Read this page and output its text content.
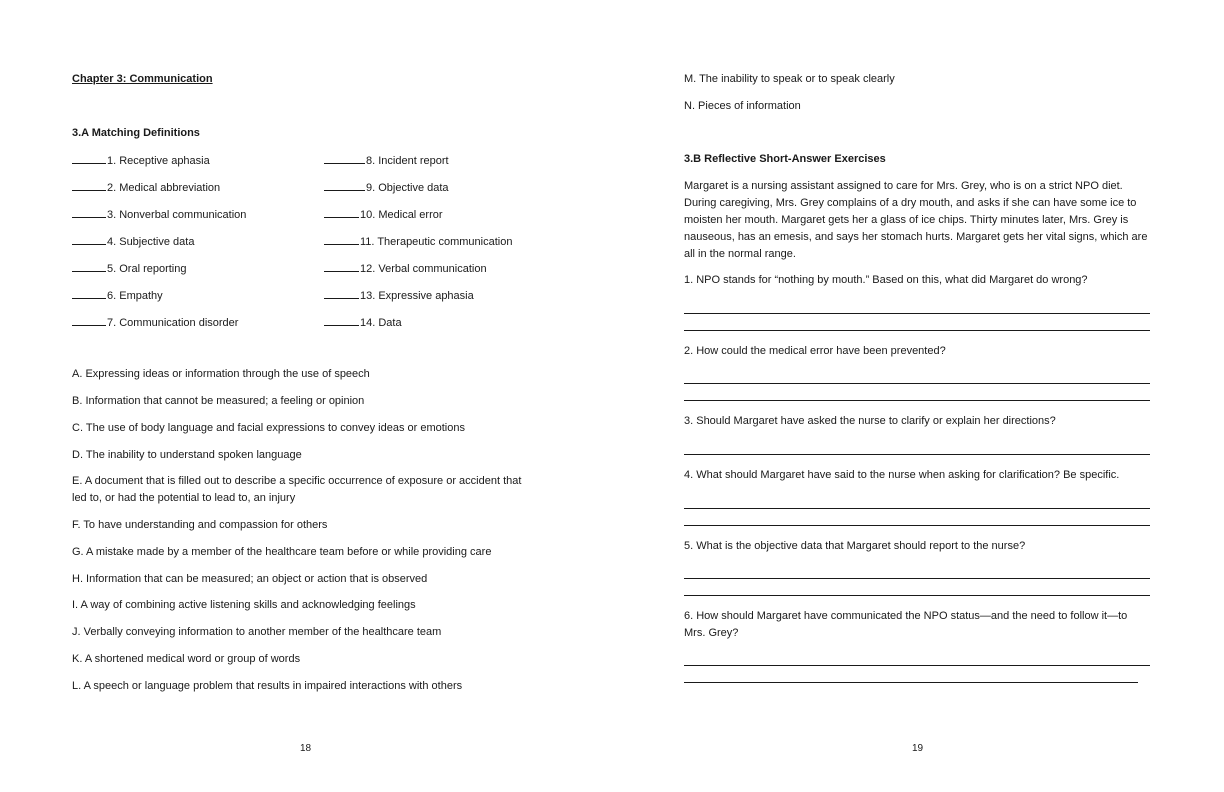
Chapter 3: Communication
3.A Matching Definitions
1. Receptive aphasia
2. Medical abbreviation
3. Nonverbal communication
4. Subjective data
5. Oral reporting
6. Empathy
7. Communication disorder
8. Incident report
9. Objective data
10. Medical error
11. Therapeutic communication
12. Verbal communication
13. Expressive aphasia
14. Data
A. Expressing ideas or information through the use of speech
B. Information that cannot be measured; a feeling or opinion
C. The use of body language and facial expressions to convey ideas or emotions
D. The inability to understand spoken language
E. A document that is filled out to describe a specific occurrence of exposure or accident that led to, or had the potential to lead to, an injury
F. To have understanding and compassion for others
G. A mistake made by a member of the healthcare team before or while providing care
H. Information that can be measured; an object or action that is observed
I. A way of combining active listening skills and acknowledging feelings
J. Verbally conveying information to another member of the healthcare team
K. A shortened medical word or group of words
L. A speech or language problem that results in impaired interactions with others
18
M. The inability to speak or to speak clearly
N. Pieces of information
3.B Reflective Short-Answer Exercises
Margaret is a nursing assistant assigned to care for Mrs. Grey, who is on a strict NPO diet. During caregiving, Mrs. Grey complains of a dry mouth, and asks if she can have some ice to moisten her mouth. Margaret gets her a glass of ice chips. Thirty minutes later, Mrs. Grey is nauseous, has an emesis, and says her stomach hurts. Margaret gets her vital signs, which are all in the normal range.
1. NPO stands for “nothing by mouth.” Based on this, what did Margaret do wrong?
2. How could the medical error have been prevented?
3. Should Margaret have asked the nurse to clarify or explain her directions?
4. What should Margaret have said to the nurse when asking for clarification? Be specific.
5. What is the objective data that Margaret should report to the nurse?
6. How should Margaret have communicated the NPO status—and the need to follow it—to Mrs. Grey?
19
